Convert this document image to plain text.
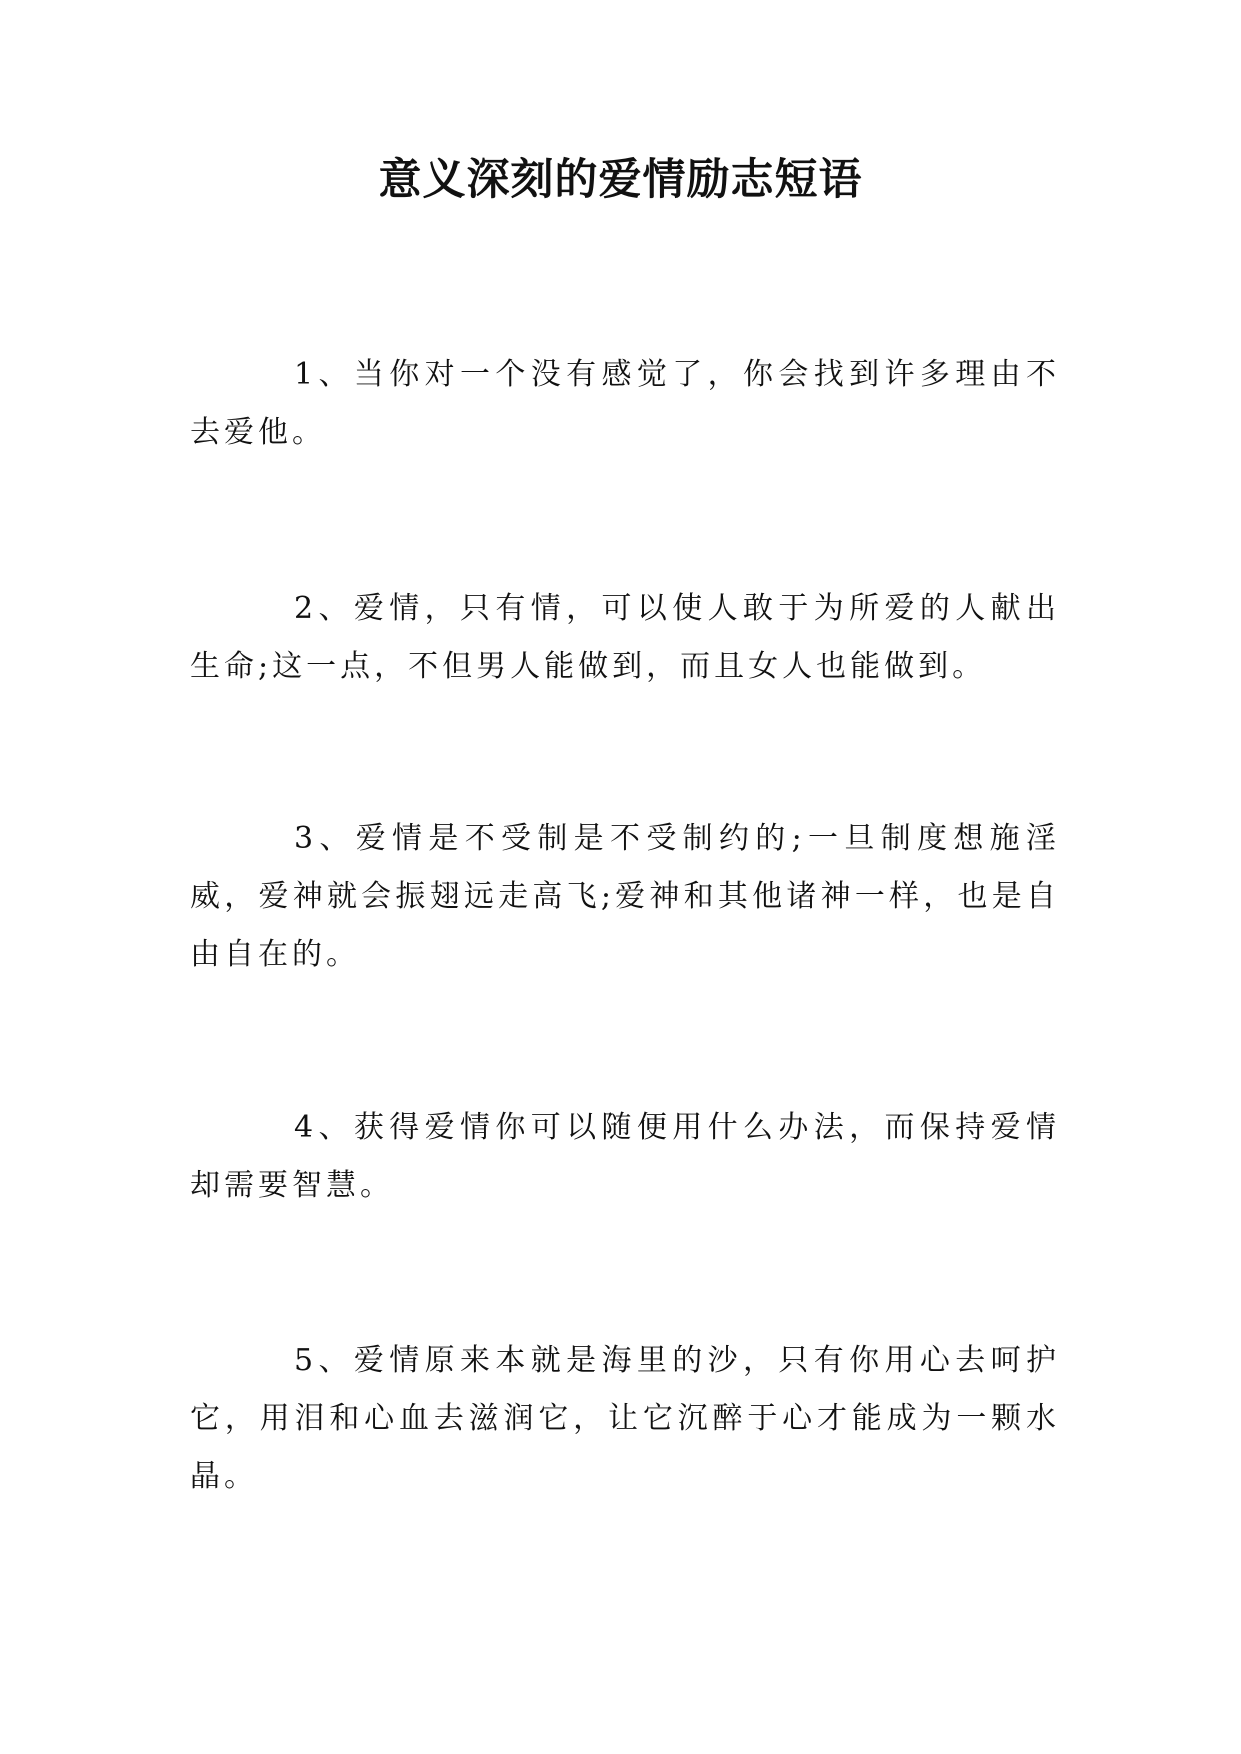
意义深刻的爱情励志短语

1、当你对一个没有感觉了，你会找到许多理由不去爱他。

2、爱情，只有情，可以使人敢于为所爱的人献出生命;这一点，不但男人能做到，而且女人也能做到。

3、爱情是不受制是不受制约的;一旦制度想施淫威，爱神就会振翅远走高飞;爱神和其他诸神一样，也是自由自在的。

4、获得爱情你可以随便用什么办法，而保持爱情却需要智慧。

5、爱情原来本就是海里的沙，只有你用心去呵护它，用泪和心血去滋润它，让它沉醉于心才能成为一颗水晶。
